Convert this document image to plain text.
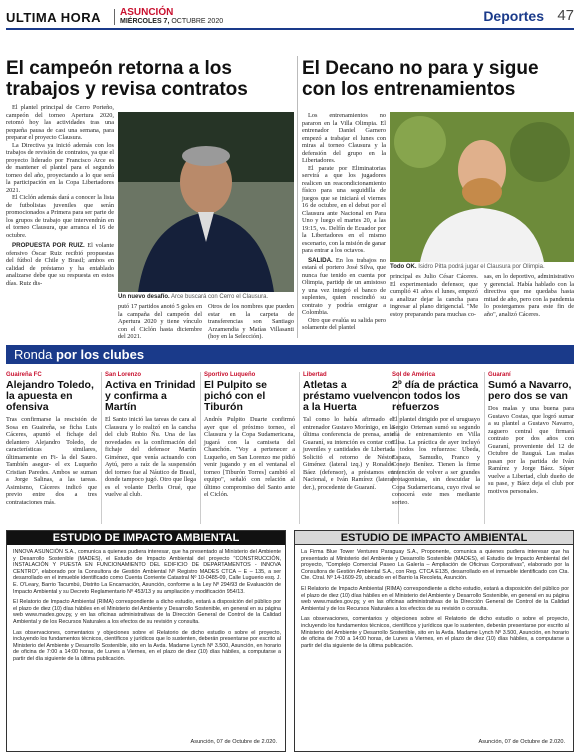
ULTIMA HORA ASUNCIÓN
MIÉRCOLES 7, OCTUBRE 2020	Deportes 47
El campeón retorna a los trabajos y revisa contratos

El plantel principal de Cerro Porteño, campeón del torneo Apertura 2020, retomó hoy las actividades tras una pequeña pausa de casi una semana, para preparar el proyecto Clausura.

La Directiva ya inició además con los trabajos de revisión de contratos, ya que el proyecto liderado por Francisco Arce es de mantener el plantel para el segundo torneo del año, proyectando a lo que será la participación en la Copa Libertadores 2021.

El Ciclón además dará a conocer la lista de futbolistas juveniles que serán promocionados a Primera para ser parte de los grupos de trabajo que intervendrán en el torneo Clausura, que arranca el 16 de octubre.

PROPUESTA POR RUIZ. El volante ofensivo Óscar Ruiz recibió propuestas del fútbol de Chile y Brasil; ambos en calidad de préstamo y ha entablado analizarse debe que su respuesta en estos días. Ruiz dis-

Un nuevo desafío. Arce buscará con Cerro el Clausura.

putó 17 partidos anotó 5 goles en la campaña del campeón del Apertura 2020 y tiene vínculo con el Ciclón hasta diciembre del 2021.

Otros de los nombres que pueden estar en la carpeta de transferencias son Santiago Arzamendia y Matías Villasanti (hoy en la Selección).

El Decano no para y sigue con los entrenamientos

Los entrenamientos no pararon en la Villa Olimpia. El entrenador Daniel Garnero empezó a trabajar el lunes con miras al torneo Clausura y la defensión del grupo en la Libertadores.

El parate por Eliminatorias servirá a que los jugadores realicen un reacondicionamiento físico para una seguidilla de juegos que se iniciará el viernes 16 de octubre, en el debut por el Clausura ante Nacional en Para Uno y luego el martes 20, a las 19:15, vs. Delfín de Ecuador por la Libertadores en el mismo escenario, con la misión de ganar para entrar a los octavos.

SALIDA. En los trabajos no estará el portero José Silva, que nunca fue tenido en cuenta por Olimpia, partidp de un amistoso y una vez integró el banco de suplentes, quien rescindió su contrato y podría emigrar a Colombia.

Otro que evalúa su salida pero solamente del plantel

Todo OK. Isidro Pitta podrá jugar el Clausura por Olimpia.

principal es Julio César Cáceres. El experimentado defensor, que cumplió 41 años el lunes, empezó a analizar dejar la cancha para ingresar al plano dirigencial. "Me estoy preparando para muchas co-

sas, en lo deportivo, administrativo y gerencial. Había hablado con la directiva que me quedaba hasta mitad de año, pero con la pandemia lo postergamos para este fin de año", analizó Cáceres.

Ronda por los clubes
Guaireña FC
Alejandro Toledo, la apuesta en ofensiva
Tras confirmarse la rescisión de Sosa en Guaireña, se ficha Luis Cáceres, apuntó el fichaje del delantero Alejandro Toledo, de características similares, últimamente en Fi- la del Sauro. También asegur- el ex Luqueño Cristian Paredes. Ambos se suman a Jorge Salinas, a las tareas. Asimismo, Cáceres indicó que previo entre dos a tres contrataciones más.
San Lorenzo
Activa en Trinidad y confirma a Martín
El Santo inició las tareas de cara al Clausura y lo realizó en la cancha del club Rubio Ñu. Una de las novedades es la confirmación del fichaje del defensor Martín Giménez, que venía actuando con Aytú, pero a raíz de la suspensión del torneo fue al Náutico de Brasil, donde tampoco jugó. Otro que llega es el volante Derlis Orué, que vuelve al club.
Sportivo Luqueño
El Pulpito se pichó con el Tiburón
Andrés Pulpito Duarte confirmó ayer que el próximo torneo, el Clausura y la Copa Sudamericana, jugará con la camiseta del Chanchón. "Voy a pertenecer a Luqueño, en San Lorenzo me pidió venir jugando y en el ventanal el torneo [Tiburón Torres] cambió el equipo", señaló con relación al último compromiso del Santo ante el Ciclón.
Libertad
Atletas a préstamo vuelven a la Huerta
Tal como lo había afirmado el entrenador Gustavo Morínigo, en la última conferencia de prensa, ante Guaraní, su intención es contar con juveniles y cantidades de Libertad. Solicitó el retorno de Néstor Giménez (lateral izq.) y Ronaldo Báez (defensor), a préstamos en Nacional, e Iván Ramírez (lateral der.), procedente de Guaraní.
Sol de América
2º día de práctica con todos los refuerzos
El plantel dirigido por el uruguayo Sergio Orteman sumó su segundo día de entrenamiento en Villa Elisa. La práctica de ayer incluyó a todos los refuerzos: Ubeda, Espaza, Samudio, Franco y Conejo Benítez. Tienen la firme intención de volver a ser grandes protagonistas, sin descuidar la Copa Sudamericana, cuyo rival se conocerá este mes mediante sorteo.
Guaraní
Sumó a Navarro, pero dos se van
Dos malas y una buena para Gustavo Costas, que logró sumar a su plantel a Gustavo Navarro, zaguero central que firmará contrato por dos años con Guaraní, proveniente del 12 de Octubre de Itauguá. Las malas pasan por la partida de Iván Ramírez y Jorge Báez. Súper vuelve a Libertad, club dueño de su pase, y Báez deja el club por motivos personales.
ESTUDIO DE IMPACTO AMBIENTAL

INNOVA ASUNCIÓN S.A., comunica a quienes pudiera interesar, que ha presentado al Ministerio del Ambiente y Desarrollo Sostenible (MADES), el Estudio de Impacto Ambiental del proyecto "CONSTRUCCIÓN, INSTALACIÓN Y PUESTA EN FUNCIONAMIENTO DEL EDIFICIO DE DEPARTAMENTOS - INNOVA CENTRO", elaborado por la Consultora de Gestión Ambiental Nº Registro MADES CTCA – E – 135, a ser desarrollado en el inmueble identificado como Cuenta Corriente Catastral Nº 10-0485-09, Calle Luguerio esq. J. E. O'Leary, Barrio Tacumbú, Distrito La Encarnación, Asunción, conforme a la Ley Nº 294/93 de Evaluación de Impacto Ambiental y su Decreto Reglamentario Nº 453/13 y su ampliación y modificación 954/13.

El Relatorio de Impacto Ambiental (RIMA) correspondiente a dicho estudio, estará a disposición del público por el plazo de diez (10) días hábiles en el Ministerio del Ambiente y Desarrollo Sostenible, en general en su página web www.mades.gov.py, y en las oficinas administrativas de la Dirección General de Control de la Calidad Ambiental y de los Recursos Naturales a los efectos de su revisión y consulta.

Las observaciones, comentarios y objeciones sobre el Relatorio de dicho estudio o sobre el proyecto, incluyendo los fundamentos técnicos, científicos y jurídicos que lo sustenten, deberán presentarse por escrito al Ministerio del Ambiente y Desarrollo Sostenible, sito en la Avda. Madame Lynch Nº 3.500, Asunción, en horario de oficina de 7:00 a 14:00 horas, de Lunes a Viernes, en el plazo de diez (10) días hábiles, a computarse a partir del día siguiente de la última publicación.

Asunción, 07 de Octubre de 2.020.
ESTUDIO DE IMPACTO AMBIENTAL

La Firma Blue Tower Ventures Paraguay S.A., Proponente, comunica a quienes pudiera interesar que ha presentado al Ministerio del Ambiente y Desarrollo Sostenible (MADES), el Estudio de Impacto Ambiental del proyecto, "Complejo Comercial Paseo La Galería – Ampliación de Oficinas Corporativas", elaborado por la Consultora de Gestión Ambiental S.A., con Reg. CTCA E135, desarrollado en el inmueble identificado con Cta. Cte. Ctral. Nº 14-1609-29, ubicado en el Barrio la Recoleta, Asunción.

El Relatorio de Impacto Ambiental (RIMA) correspondiente a dicho estudio, estará a disposición del público por el plazo de diez (10) días hábiles en el Ministerio del Ambiente y Desarrollo Sostenible, en general en su página web www.mades.gov.py, y en las oficinas administrativas de la Dirección General de Control de la Calidad Ambiental y de los Recursos Naturales a los efectos de su revisión o consulta.

Las observaciones, comentarios y objeciones sobre el Relatorio de dicho estudio o sobre el proyecto, incluyendo los fundamentos técnicos, científicos y jurídicos que lo sustenten, deberán presentarse por escrito al Ministerio del Ambiente y Desarrollo Sostenible, sito en la Avda. Madame Lynch Nº 3.500, Asunción, en horario de oficina de 7:00 a 14:00 horas, de Lunes a Viernes, en el plazo de diez (10) días hábiles, a computarse a partir del día siguiente de la última publicación.

Asunción, 07 de Octubre de 2.020.
